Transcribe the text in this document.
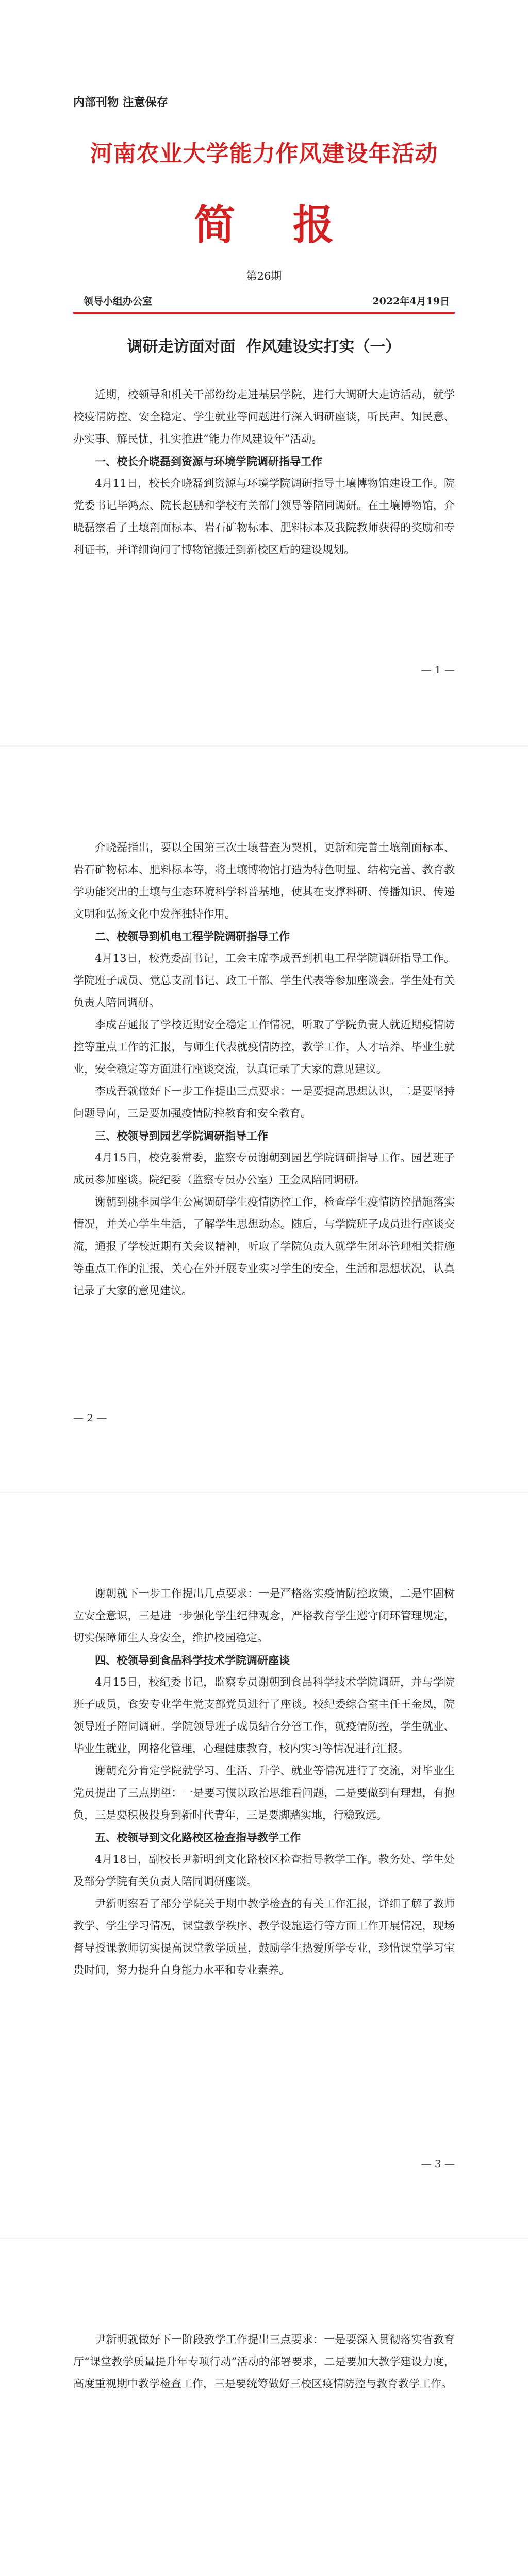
内部刊物 注意保存
河南农业大学能力作风建设年活动
简    报
第26期
领导小组办公室	2022年4月19日
调研走访面对面  作风建设实打实（一）

近期，校领导和机关干部纷纷走进基层学院，进行大调研大走访活动，就学校疫情防控、安全稳定、学生就业等问题进行深入调研座谈，听民声、知民意、办实事、解民忧，扎实推进“能力作风建设年”活动。

一、校长介晓磊到资源与环境学院调研指导工作

4月11日，校长介晓磊到资源与环境学院调研指导土壤博物馆建设工作。院党委书记毕鸿杰、院长赵鹏和学校有关部门领导等陪同调研。在土壤博物馆，介晓磊察看了土壤剖面标本、岩石矿物标本、肥料标本及我院教师获得的奖励和专利证书，并详细询问了博物馆搬迁到新校区后的建设规划。

— 1 —

介晓磊指出，要以全国第三次土壤普查为契机，更新和完善土壤剖面标本、岩石矿物标本、肥料标本等，将土壤博物馆打造为特色明显、结构完善、教育教学功能突出的土壤与生态环境科学科普基地，使其在支撑科研、传播知识、传递文明和弘扬文化中发挥独特作用。

二、校领导到机电工程学院调研指导工作

4月13日，校党委副书记，工会主席李成吾到机电工程学院调研指导工作。学院班子成员、党总支副书记、政工干部、学生代表等参加座谈会。学生处有关负责人陪同调研。

李成吾通报了学校近期安全稳定工作情况，听取了学院负责人就近期疫情防控等重点工作的汇报，与师生代表就疫情防控，教学工作，人才培养、毕业生就业，安全稳定等方面进行座谈交流，认真记录了大家的意见建议。

李成吾就做好下一步工作提出三点要求：一是要提高思想认识，二是要坚持问题导向，三是要加强疫情防控教育和安全教育。

三、校领导到园艺学院调研指导工作

4月15日，校党委常委，监察专员谢朝到园艺学院调研指导工作。园艺班子成员参加座谈。院纪委（监察专员办公室）王金凤陪同调研。

谢朝到桃李园学生公寓调研学生疫情防控工作，检查学生疫情防控措施落实情况，并关心学生生活，了解学生思想动态。随后，与学院班子成员进行座谈交流，通报了学校近期有关会议精神，听取了学院负责人就学生闭环管理相关措施等重点工作的汇报，关心在外开展专业实习学生的安全，生活和思想状况，认真记录了大家的意见建议。

— 2 —

谢朝就下一步工作提出几点要求：一是严格落实疫情防控政策，二是牢固树立安全意识，三是进一步强化学生纪律观念，严格教育学生遵守闭环管理规定，切实保障师生人身安全，维护校园稳定。

四、校领导到食品科学技术学院调研座谈

4月15日，校纪委书记，监察专员谢朝到食品科学技术学院调研，并与学院班子成员，食安专业学生党支部党员进行了座谈。校纪委综合室主任王金凤，院领导班子陪同调研。学院领导班子成员结合分管工作，就疫情防控，学生就业、毕业生就业，网格化管理，心理健康教育，校内实习等情况进行汇报。

谢朝充分肯定学院就学习、生活、升学、就业等情况进行了交流，对毕业生党员提出了三点期望：一是要习惯以政治思维看问题，二是要做到有理想，有抱负，三是要积极投身到新时代青年，三是要脚踏实地，行稳致远。

五、校领导到文化路校区检查指导教学工作

4月18日，副校长尹新明到文化路校区检查指导教学工作。教务处、学生处及部分学院有关负责人陪同调研座谈。

尹新明察看了部分学院关于期中教学检查的有关工作汇报，详细了解了教师教学、学生学习情况，课堂教学秩序、教学设施运行等方面工作开展情况，现场督导授课教师切实提高课堂教学质量，鼓励学生热爱所学专业，珍惜课堂学习宝贵时间，努力提升自身能力水平和专业素养。

— 3 —

尹新明就做好下一阶段教学工作提出三点要求：一是要深入贯彻落实省教育厅“课堂教学质量提升年专项行动”活动的部署要求，二是要加大教学建设力度，高度重视期中教学检查工作，三是要统筹做好三校区疫情防控与教育教学工作。
